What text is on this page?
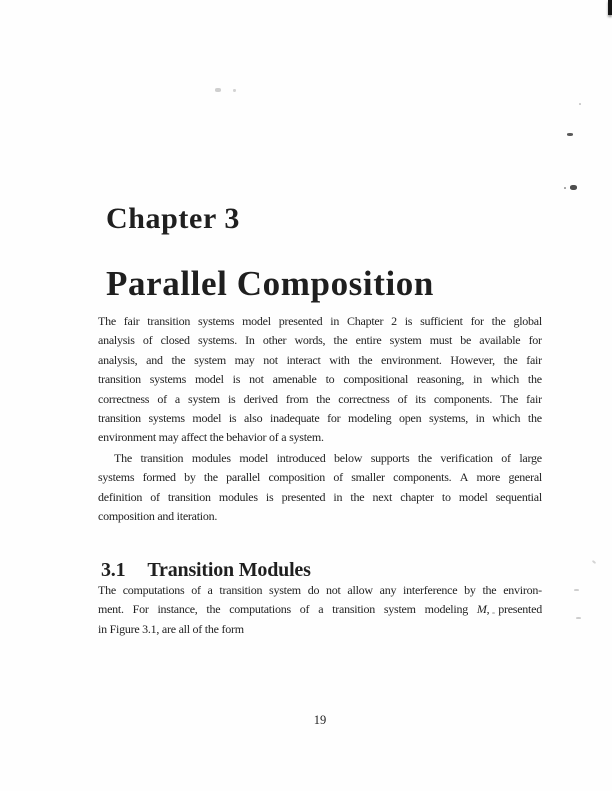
Chapter 3
Parallel Composition
The fair transition systems model presented in Chapter 2 is sufficient for the global
analysis of closed systems. In other words, the entire system must be available for
analysis, and the system may not interact with the environment. However, the fair
transition systems model is not amenable to compositional reasoning, in which the
correctness of a system is derived from the correctness of its components. The fair
transition systems model is also inadequate for modeling open systems, in which the
environment may affect the behavior of a system.
The transition modules model introduced below supports the verification of large
systems formed by the parallel composition of smaller components. A more general
definition of transition modules is presented in the next chapter to model sequential
composition and iteration.
3.1 Transition Modules
The computations of a transition system do not allow any interference by the environ-
ment. For instance, the computations of a transition system modeling M, presented
in Figure 3.1, are all of the form
19
